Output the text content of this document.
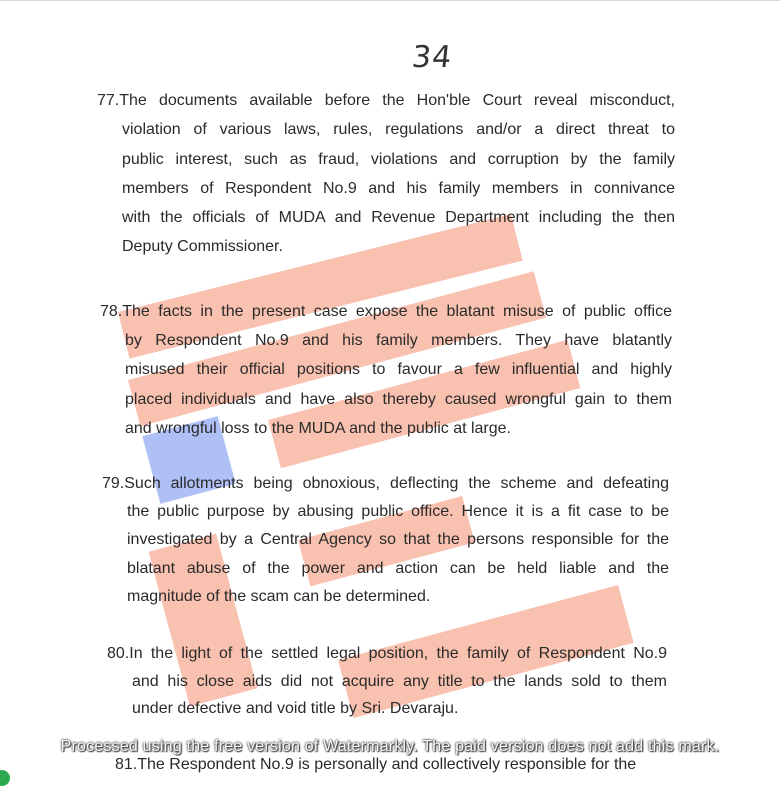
34
77.The documents available before the Hon'ble Court reveal misconduct,
violation of various laws, rules, regulations and/or a direct threat to
public interest, such as fraud, violations and corruption by the family
members of Respondent No.9 and his family members in connivance
with the officials of MUDA and Revenue Department including the then
Deputy Commissioner.
78.The facts in the present case expose the blatant misuse of public office
by Respondent No.9 and his family members. They have blatantly
misused their official positions to favour a few influential and highly
placed individuals and have also thereby caused wrongful gain to them
and wrongful loss to the MUDA and the public at large.
79.Such allotments being obnoxious, deflecting the scheme and defeating
the public purpose by abusing public office. Hence it is a fit case to be
investigated by a Central Agency so that the persons responsible for the
blatant abuse of the power and action can be held liable and the
magnitude of the scam can be determined.
80.In the light of the settled legal position, the family of Respondent No.9
and his close aids did not acquire any title to the lands sold to them
under defective and void title by Sri. Devaraju.
81.The Respondent No.9 is personally and collectively responsible for the
Processed using the free version of Watermarkly. The paid version does not add this mark.
